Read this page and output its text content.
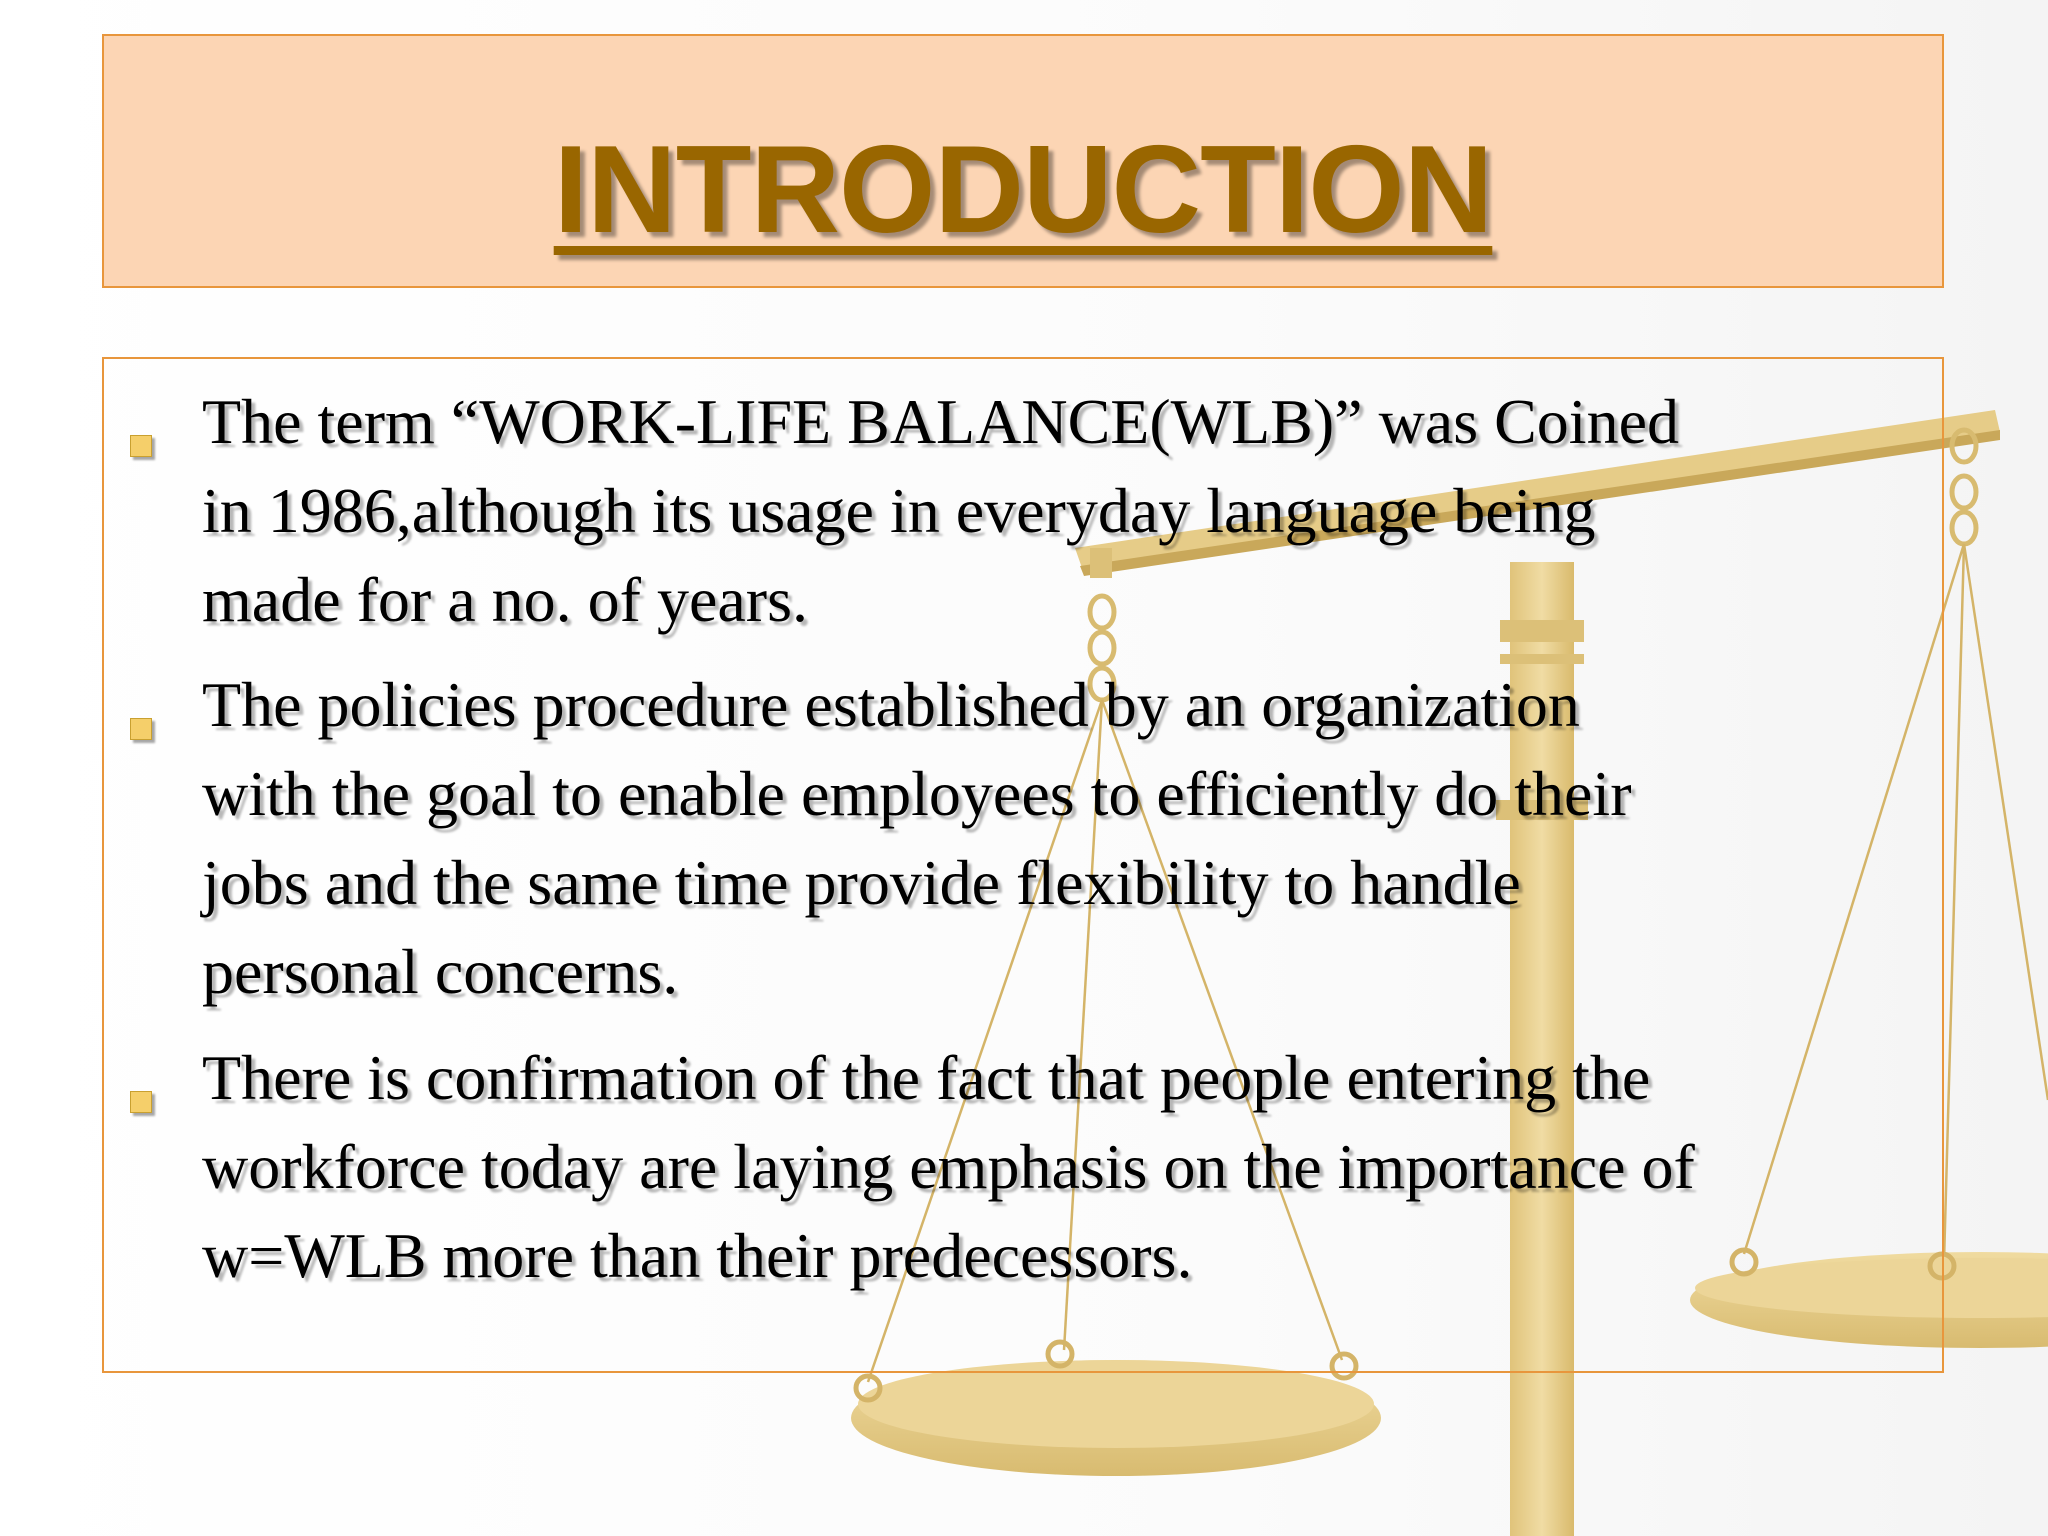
INTRODUCTION
The term “WORK-LIFE BALANCE(WLB)” was Coined
in 1986,although its usage in everyday language being
made for a no. of years.
The policies procedure established by an organization
with the goal to enable employees to efficiently do their
jobs and the same time provide flexibility to handle
personal concerns.
There is confirmation of the fact that people entering the
workforce today are laying emphasis on the importance of
w=WLB more than their predecessors.
